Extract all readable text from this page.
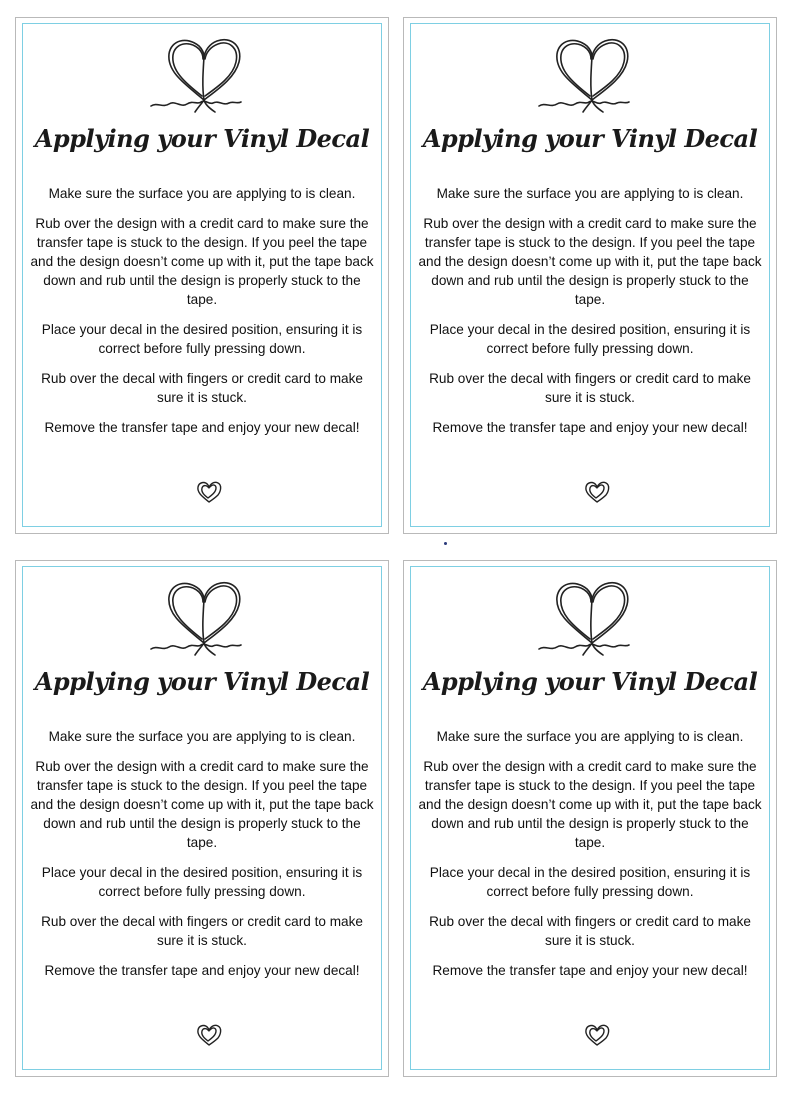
Applying your Vinyl Decal

Make sure the surface you are applying to is clean.

Rub over the design with a credit card to make sure the transfer tape is stuck to the design. If you peel the tape and the design doesn’t come up with it, put the tape back down and rub until the design is properly stuck to the tape.

Place your decal in the desired position, ensuring it is correct before fully pressing down.

Rub over the decal with fingers or credit card to make sure it is stuck.

Remove the transfer tape and enjoy your new decal!

Applying your Vinyl Decal

Make sure the surface you are applying to is clean.

Rub over the design with a credit card to make sure the transfer tape is stuck to the design. If you peel the tape and the design doesn’t come up with it, put the tape back down and rub until the design is properly stuck to the tape.

Place your decal in the desired position, ensuring it is correct before fully pressing down.

Rub over the decal with fingers or credit card to make sure it is stuck.

Remove the transfer tape and enjoy your new decal!

Applying your Vinyl Decal

Make sure the surface you are applying to is clean.

Rub over the design with a credit card to make sure the transfer tape is stuck to the design. If you peel the tape and the design doesn’t come up with it, put the tape back down and rub until the design is properly stuck to the tape.

Place your decal in the desired position, ensuring it is correct before fully pressing down.

Rub over the decal with fingers or credit card to make sure it is stuck.

Remove the transfer tape and enjoy your new decal!

Applying your Vinyl Decal

Make sure the surface you are applying to is clean.

Rub over the design with a credit card to make sure the transfer tape is stuck to the design. If you peel the tape and the design doesn’t come up with it, put the tape back down and rub until the design is properly stuck to the tape.

Place your decal in the desired position, ensuring it is correct before fully pressing down.

Rub over the decal with fingers or credit card to make sure it is stuck.

Remove the transfer tape and enjoy your new decal!
